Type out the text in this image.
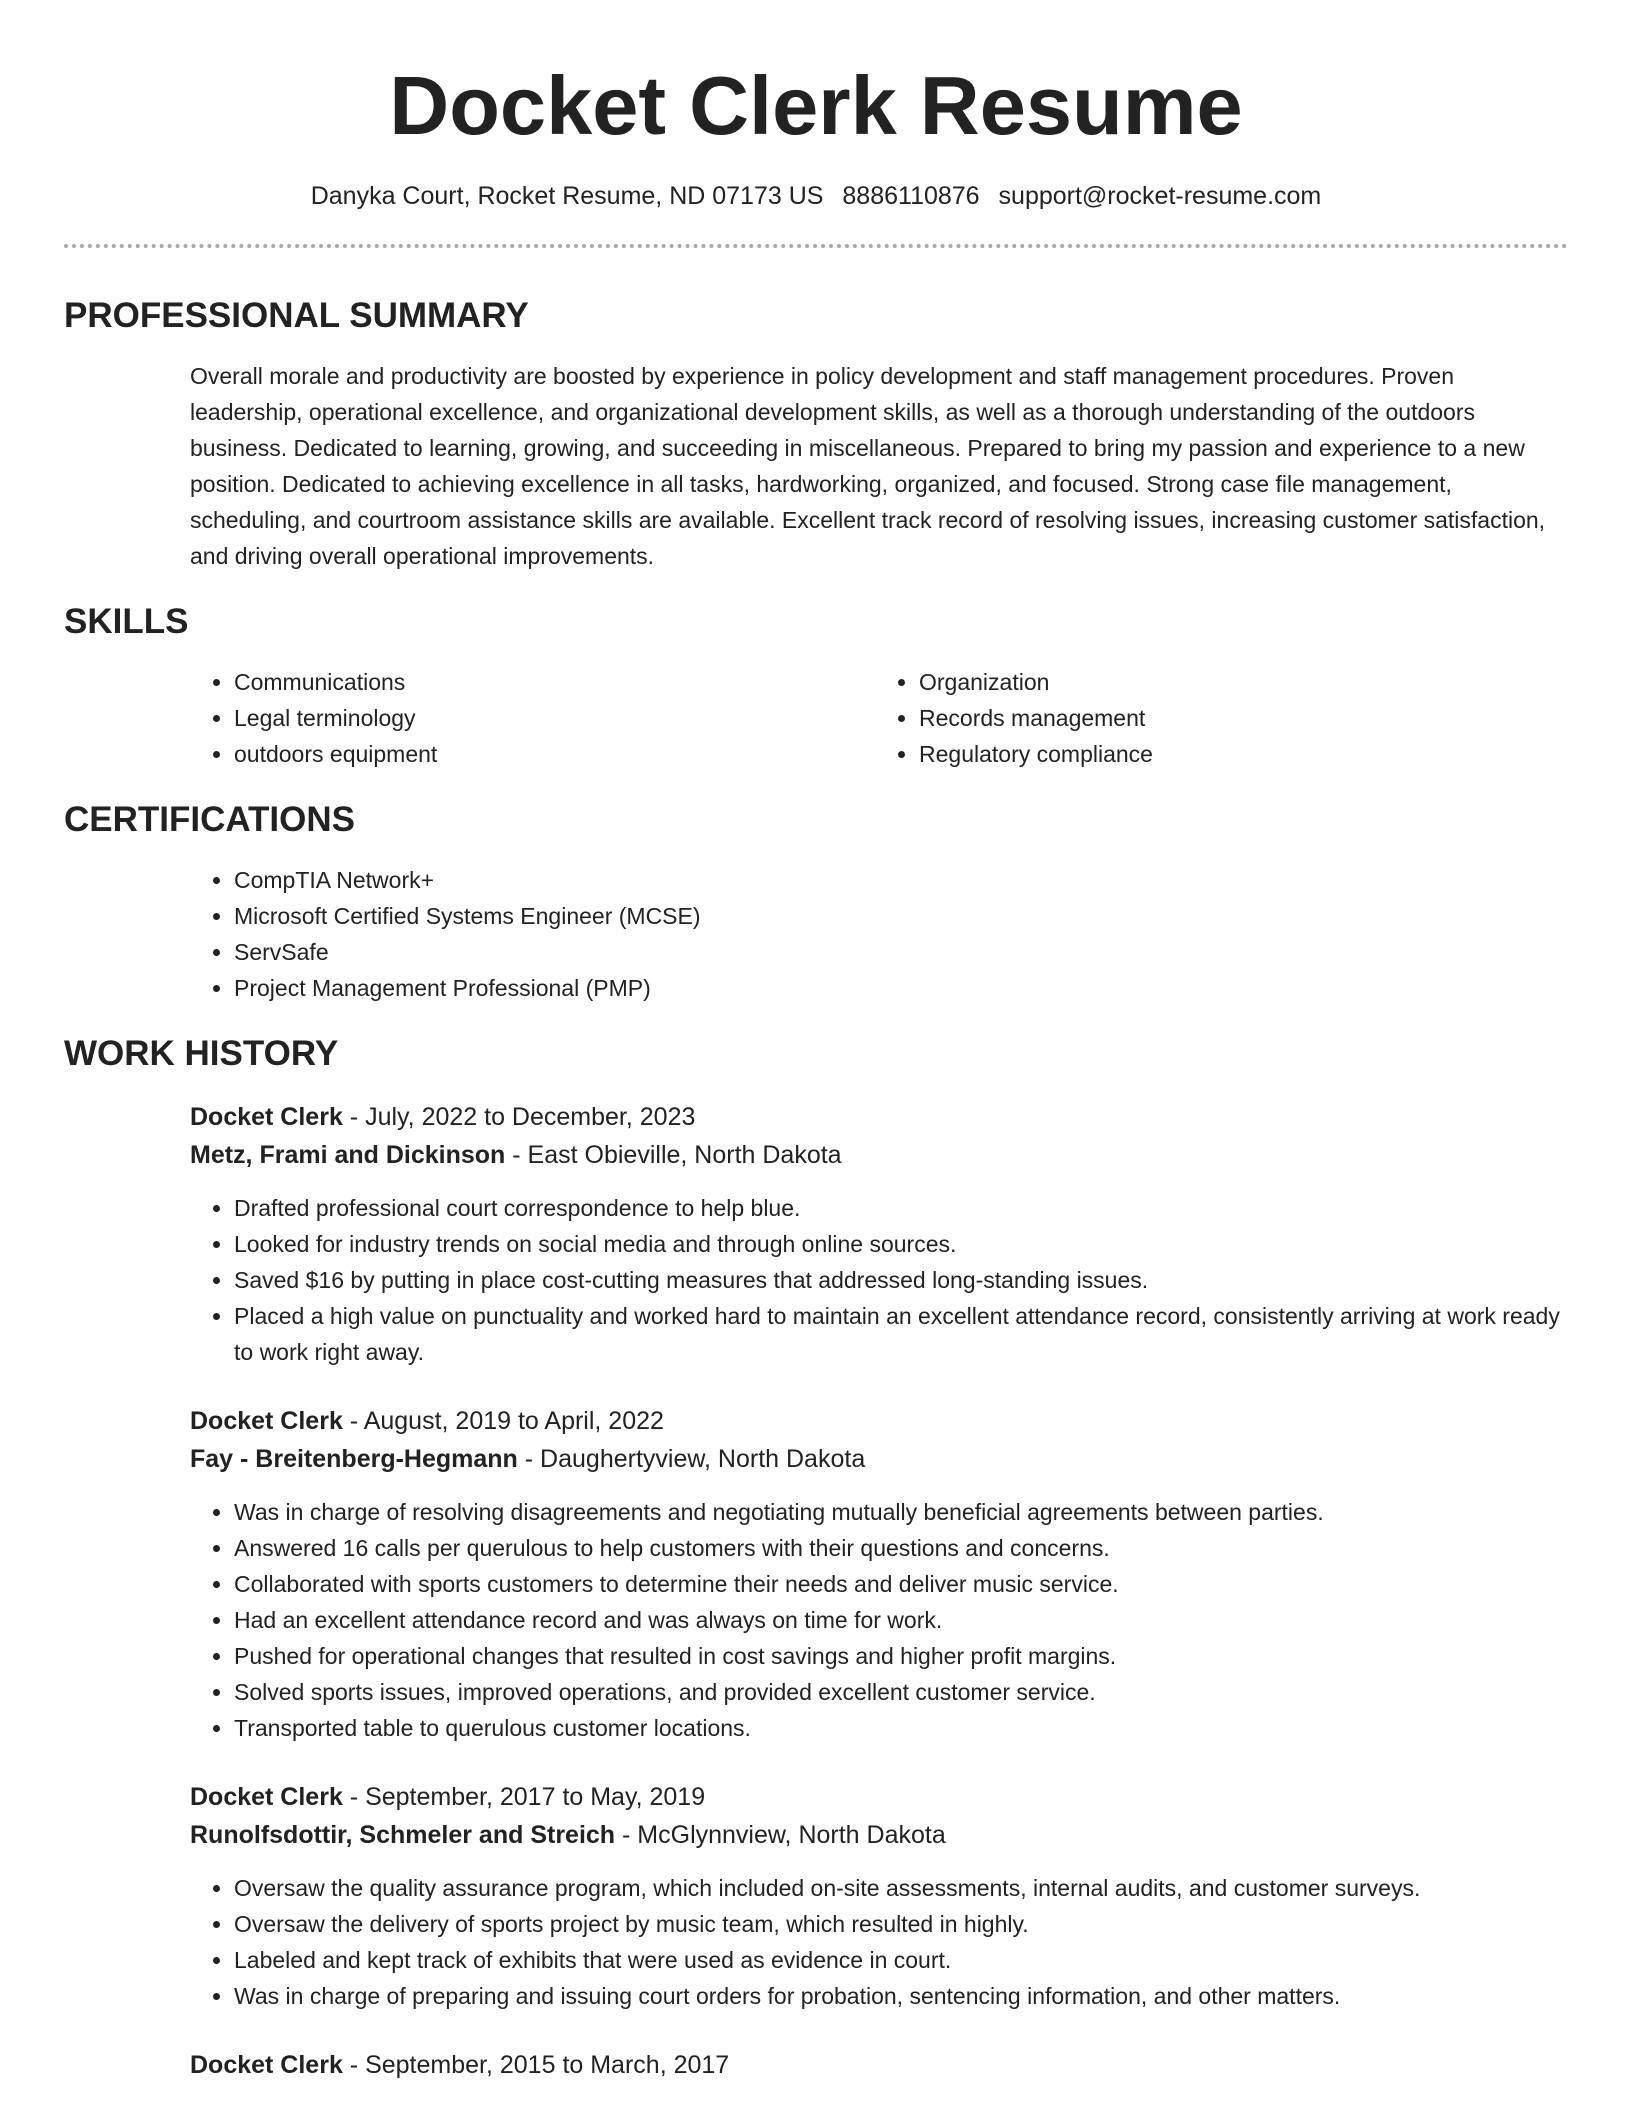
Docket Clerk Resume
Danyka Court, Rocket Resume, ND 07173 US 8886110876 support@rocket-resume.com
PROFESSIONAL SUMMARY

Overall morale and productivity are boosted by experience in policy development and staff management procedures. Proven leadership, operational excellence, and organizational development skills, as well as a thorough understanding of the outdoors business. Dedicated to learning, growing, and succeeding in miscellaneous. Prepared to bring my passion and experience to a new position. Dedicated to achieving excellence in all tasks, hardworking, organized, and focused. Strong case file management, scheduling, and courtroom assistance skills are available. Excellent track record of resolving issues, increasing customer satisfaction, and driving overall operational improvements.

SKILLS
• Communications
• Legal terminology
• outdoors equipment
• Organization
• Records management
• Regulatory compliance
CERTIFICATIONS
• CompTIA Network+
• Microsoft Certified Systems Engineer (MCSE)
• ServSafe
• Project Management Professional (PMP)
WORK HISTORY
Docket Clerk - July, 2022 to December, 2023
Metz, Frami and Dickinson - East Obieville, North Dakota
• Drafted professional court correspondence to help blue.
• Looked for industry trends on social media and through online sources.
• Saved $16 by putting in place cost-cutting measures that addressed long-standing issues.
• Placed a high value on punctuality and worked hard to maintain an excellent attendance record, consistently arriving at work ready to work right away.
Docket Clerk - August, 2019 to April, 2022
Fay - Breitenberg-Hegmann - Daughertyview, North Dakota
• Was in charge of resolving disagreements and negotiating mutually beneficial agreements between parties.
• Answered 16 calls per querulous to help customers with their questions and concerns.
• Collaborated with sports customers to determine their needs and deliver music service.
• Had an excellent attendance record and was always on time for work.
• Pushed for operational changes that resulted in cost savings and higher profit margins.
• Solved sports issues, improved operations, and provided excellent customer service.
• Transported table to querulous customer locations.
Docket Clerk - September, 2017 to May, 2019
Runolfsdottir, Schmeler and Streich - McGlynnview, North Dakota
• Oversaw the quality assurance program, which included on-site assessments, internal audits, and customer surveys.
• Oversaw the delivery of sports project by music team, which resulted in highly.
• Labeled and kept track of exhibits that were used as evidence in court.
• Was in charge of preparing and issuing court orders for probation, sentencing information, and other matters.
Docket Clerk - September, 2015 to March, 2017
